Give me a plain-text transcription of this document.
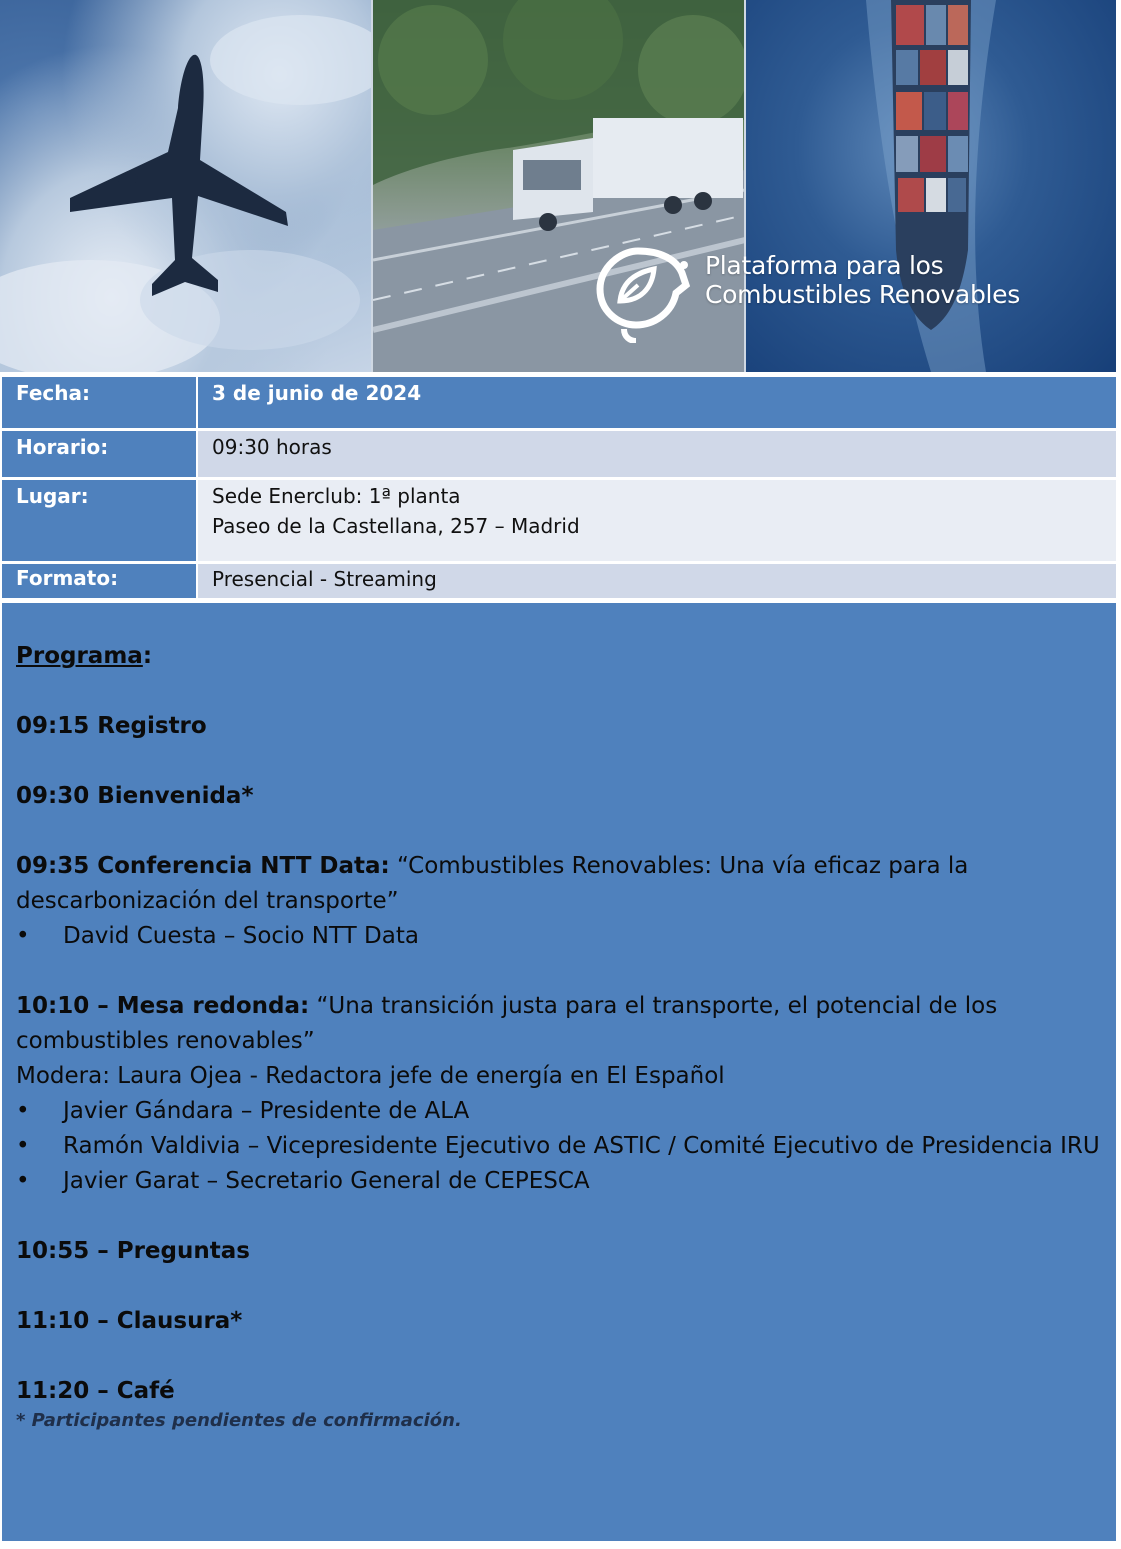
Plataforma para los
Combustibles Renovables
Fecha:	3 de junio de 2024
Horario:	09:30 horas
Lugar:	Sede Enerclub: 1ª planta
Paseo de la Castellana, 257 – Madrid
Formato:	Presencial - Streaming

Programa:

09:15 Registro

09:30 Bienvenida*

09:35 Conferencia NTT Data: “Combustibles Renovables: Una vía eficaz para la descarbonización del transporte”

• David Cuesta – Socio NTT Data

10:10 – Mesa redonda: “Una transición justa para el transporte, el potencial de los combustibles renovables”

Modera: Laura Ojea - Redactora jefe de energía en El Español

• Javier Gándara – Presidente de ALA

• Ramón Valdivia – Vicepresidente Ejecutivo de ASTIC / Comité Ejecutivo de Presidencia IRU

• Javier Garat – Secretario General de CEPESCA

10:55 – Preguntas

11:10 – Clausura*

11:20 – Café

* Participantes pendientes de confirmación.
